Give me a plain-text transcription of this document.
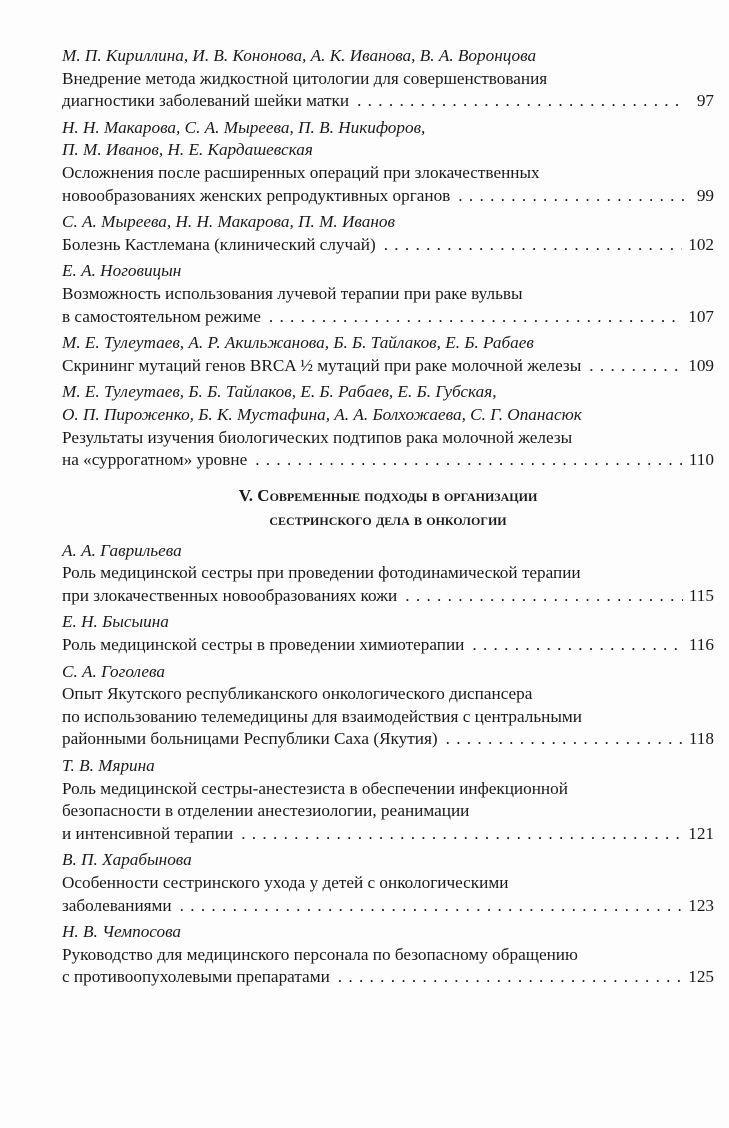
М. П. Кириллина, И. В. Кононова, А. К. Иванова, В. А. Воронцова
Внедрение метода жидкостной цитологии для совершенствования
диагностики заболеваний шейки матки . . .	97
Н. Н. Макарова, С. А. Мыреева, П. В. Никифоров,
П. М. Иванов, Н. Е. Кардашевская
Осложнения после расширенных операций при злокачественных
новообразованиях женских репродуктивных органов . . .	99
С. А. Мыреева, Н. Н. Макарова, П. М. Иванов
Болезнь Кастлемана (клинический случай) . . .	102
Е. А. Ноговицын
Возможность использования лучевой терапии при раке вульвы
в самостоятельном режиме . . .	107
М. Е. Тулеутаев, А. Р. Акильжанова, Б. Б. Тайлаков, Е. Б. Рабаев
Скрининг мутаций генов BRCA ½ мутаций при раке молочной железы . . .	109
М. Е. Тулеутаев, Б. Б. Тайлаков, Е. Б. Рабаев, Е. Б. Губская,
О. П. Пироженко, Б. К. Мустафина, А. А. Болхожаева, С. Г. Опанасюк
Результаты изучения биологических подтипов рака молочной железы
на «суррогатном» уровне . . .	110
V. Современные подходы в организации
сестринского дела в онкологии
А. А. Гаврильева
Роль медицинской сестры при проведении фотодинамической терапии
при злокачественных новообразованиях кожи . . .	115
Е. Н. Бысыина
Роль медицинской сестры в проведении химиотерапии . . .	116
С. А. Гоголева
Опыт Якутского республиканского онкологического диспансера
по использованию телемедицины для взаимодействия с центральными
районными больницами Республики Саха (Якутия) . . .	118
Т. В. Мярина
Роль медицинской сестры-анестезиста в обеспечении инфекционной
безопасности в отделении анестезиологии, реанимации
и интенсивной терапии . . .	121
В. П. Харабынова
Особенности сестринского ухода у детей с онкологическими
заболеваниями . . .	123
Н. В. Чемпосова
Руководство для медицинского персонала по безопасному обращению
с противоопухолевыми препаратами . . .	125
